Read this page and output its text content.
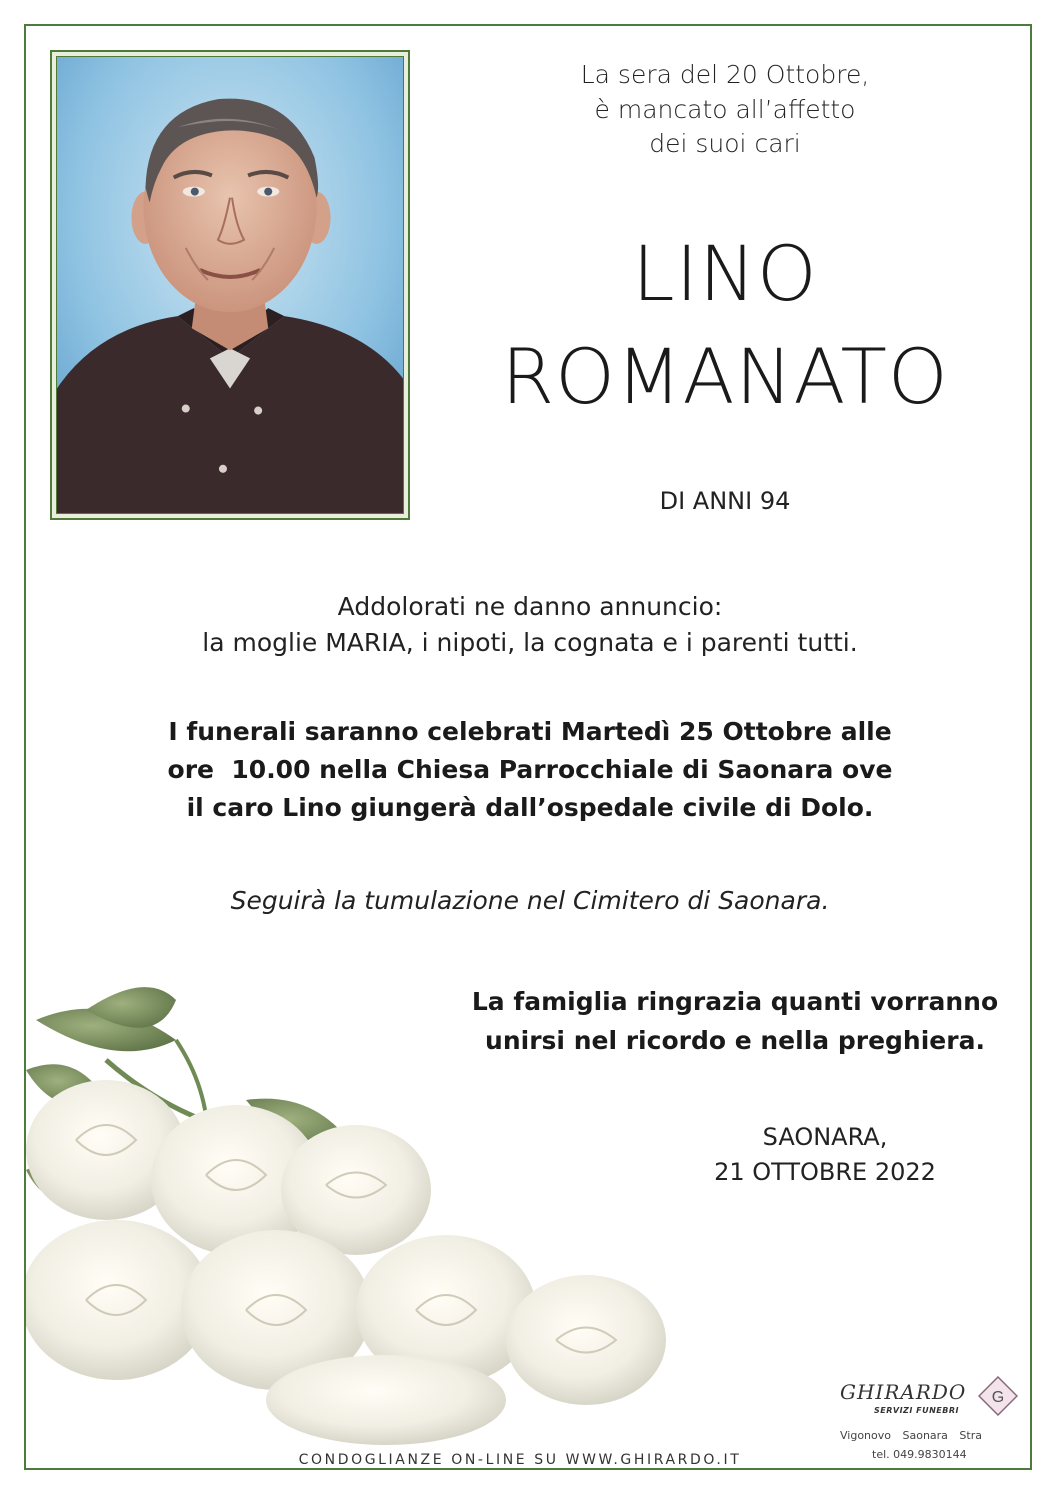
La sera del 20 Ottobre,
è mancato all’affetto
dei suoi cari
LINO
ROMANATO
DI ANNI 94
Addolorati ne danno annuncio:
la moglie MARIA, i nipoti, la cognata e i parenti tutti.
I funerali saranno celebrati Martedì 25 Ottobre alle
ore  10.00 nella Chiesa Parrocchiale di Saonara ove
il caro Lino giungerà dall’ospedale civile di Dolo.
Seguirà la tumulazione nel Cimitero di Saonara.
La famiglia ringrazia quanti vorranno
unirsi nel ricordo e nella preghiera.
SAONARA,
21 OTTOBRE 2022
GHIRARDO
SERVIZI FUNEBRI
G
Vigonovo Saonara Stra
tel. 049.9830144
CONDOGLIANZE ON-LINE SU WWW.GHIRARDO.IT
